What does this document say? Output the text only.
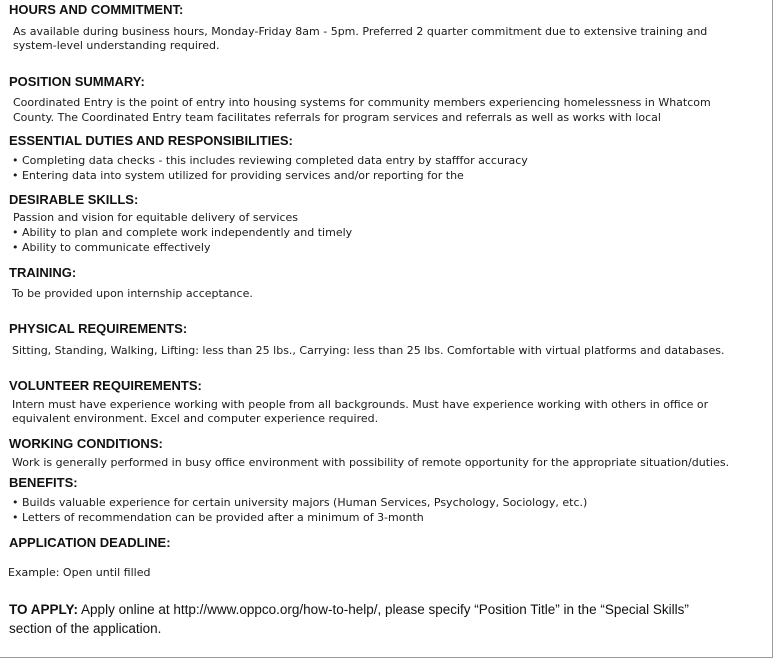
HOURS AND COMMITMENT:
As available during business hours, Monday-Friday 8am - 5pm. Preferred 2 quarter commitment due to extensive training and
system-level understanding required.
POSITION SUMMARY:
Coordinated Entry is the point of entry into housing systems for community members experiencing homelessness in Whatcom
County. The Coordinated Entry team facilitates referrals for program services and referrals as well as works with local
ESSENTIAL DUTIES AND RESPONSIBILITIES:
• Completing data checks - this includes reviewing completed data entry by stafffor accuracy
• Entering data into system utilized for providing services and/or reporting for the
DESIRABLE SKILLS:
Passion and vision for equitable delivery of services
• Ability to plan and complete work independently and timely
• Ability to communicate effectively
TRAINING:
To be provided upon internship acceptance.
PHYSICAL REQUIREMENTS:
Sitting, Standing, Walking, Lifting: less than 25 lbs., Carrying: less than 25 lbs. Comfortable with virtual platforms and databases.
VOLUNTEER REQUIREMENTS:
Intern must have experience working with people from all backgrounds. Must have experience working with others in office or
equivalent environment. Excel and computer experience required.
WORKING CONDITIONS:
Work is generally performed in busy office environment with possibility of remote opportunity for the appropriate situation/duties.
BENEFITS:
• Builds valuable experience for certain university majors (Human Services, Psychology, Sociology, etc.)
• Letters of recommendation can be provided after a minimum of 3-month
APPLICATION DEADLINE:
Example: Open until filled
TO APPLY: Apply online at http://www.oppco.org/how-to-help/, please specify “Position Title” in the “Special Skills”
section of the application.
